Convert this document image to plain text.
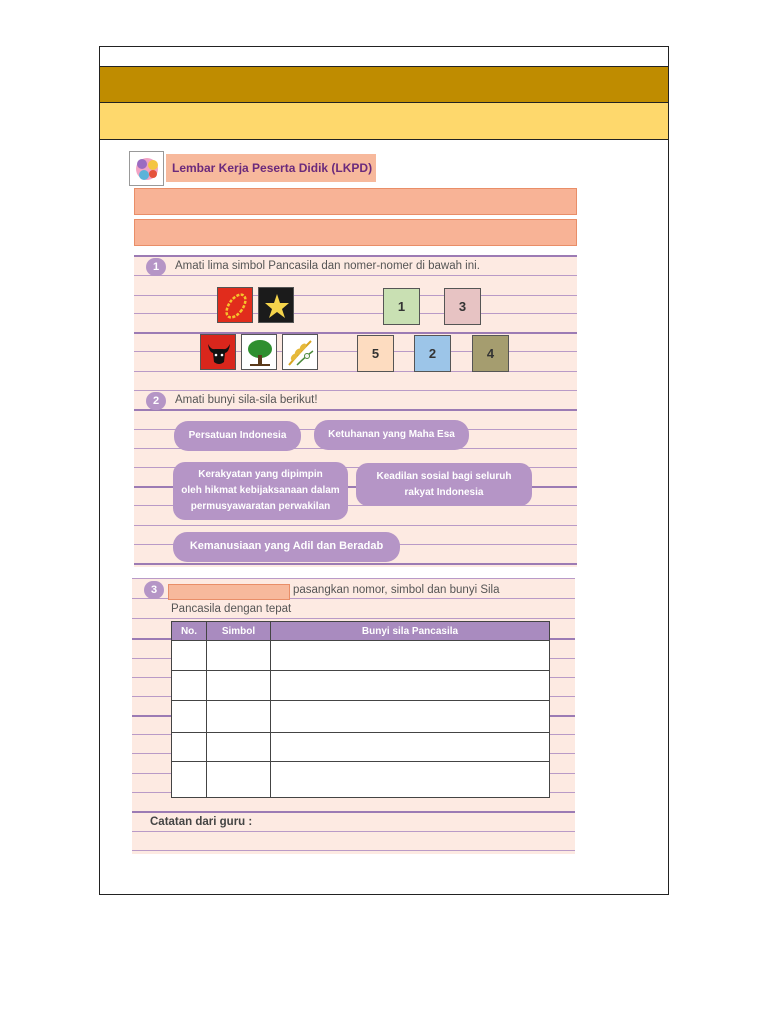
Lembar Kerja Peserta Didik (LKPD)
1	Amati lima simbol Pancasila dan nomer-nomer di bawah ini.
1	3
5	2	4
2	Amati bunyi sila-sila berikut!
Persatuan Indonesia	Ketuhanan yang Maha Esa
Kerakyatan yang dipimpin
oleh hikmat kebijaksanaan dalam
permusyawaratan perwakilan
Keadilan sosial bagi seluruh
rakyat Indonesia
Kemanusiaan yang Adil dan Beradab
3	pasangkan nomor, simbol dan bunyi Sila
Pancasila dengan tepat
No.	Simbol	Bunyi sila Pancasila

Catatan dari guru :
